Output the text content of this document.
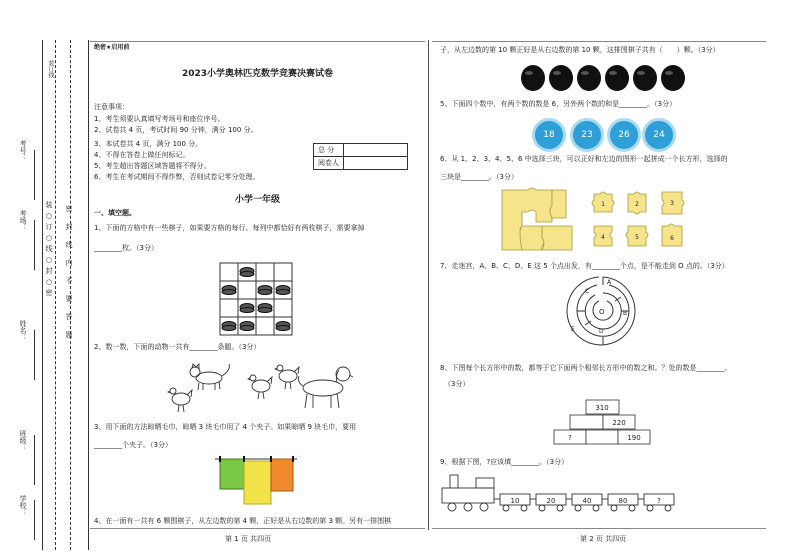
考号：
考场：
姓名：
班级：
学校：
装
○
订
○
线
○
封
○
密
密
封
线
内
不
要
答
题
装订线
绝密★启用前
2023小学奥林匹克数学竞赛决赛试卷
注意事项：
1、考生须要认真填写考场号和座位序号。
2、试卷共 4 页，考试时间 90 分钟，满分 100 分。
3、本试卷共 4 页，满分 100 分。
4、不得在答卷上做任何标记。
5、考生超出答题区域答题将不得分。
6、考生在考试期间不得作弊，否则试卷记零分处理。
总 分	
阅卷人	
小学一年级
一、填空题。
1、下面的方格中有一些棋子，如果要方格的每行、每列中都恰好有两枚棋子，需要拿掉
________枚。（3分）
2、数一数，下面的动物一共有________条腿。（3分）
3、用下面的方法晾晒毛巾，晾晒 3 块毛巾用了 4 个夹子。如果晾晒 9 块毛巾，要用
________个夹子。（3分）
4、在一面有一共有 6 颗围棋子，从左边数的第 4 颗，正好是从右边数的第 3 颗。另有一排围棋
第 1 页 共四页
子，从左边数的第 10 颗正好是从右边数的第 10 颗，这排围棋子共有（　　）颗。（3分）
5、下面四个数中，有两个数的数是 6，另外两个数的和是________。（3分）
18	23	26	24
6、从 1、2、3、4、5、6 中选择三块，可以正好和左边的图形一起拼成一个长方形，选择的
三块是________。（3分）
1	2	3
4	5	6
7、走迷宫，A、B、C、D、E 这 5 个点出发，有________个点，是不能走到 O 点的。（3分）
A
B
C
D
E
O
8、下图每个长方形中的数，都等于它下面两个相邻长方形中的数之和。？处的数是________。
（3分）
310
220
?	190
9、根据下图，?应该填________。（3分）
10	20	40	80	?
第 2 页 共四页
